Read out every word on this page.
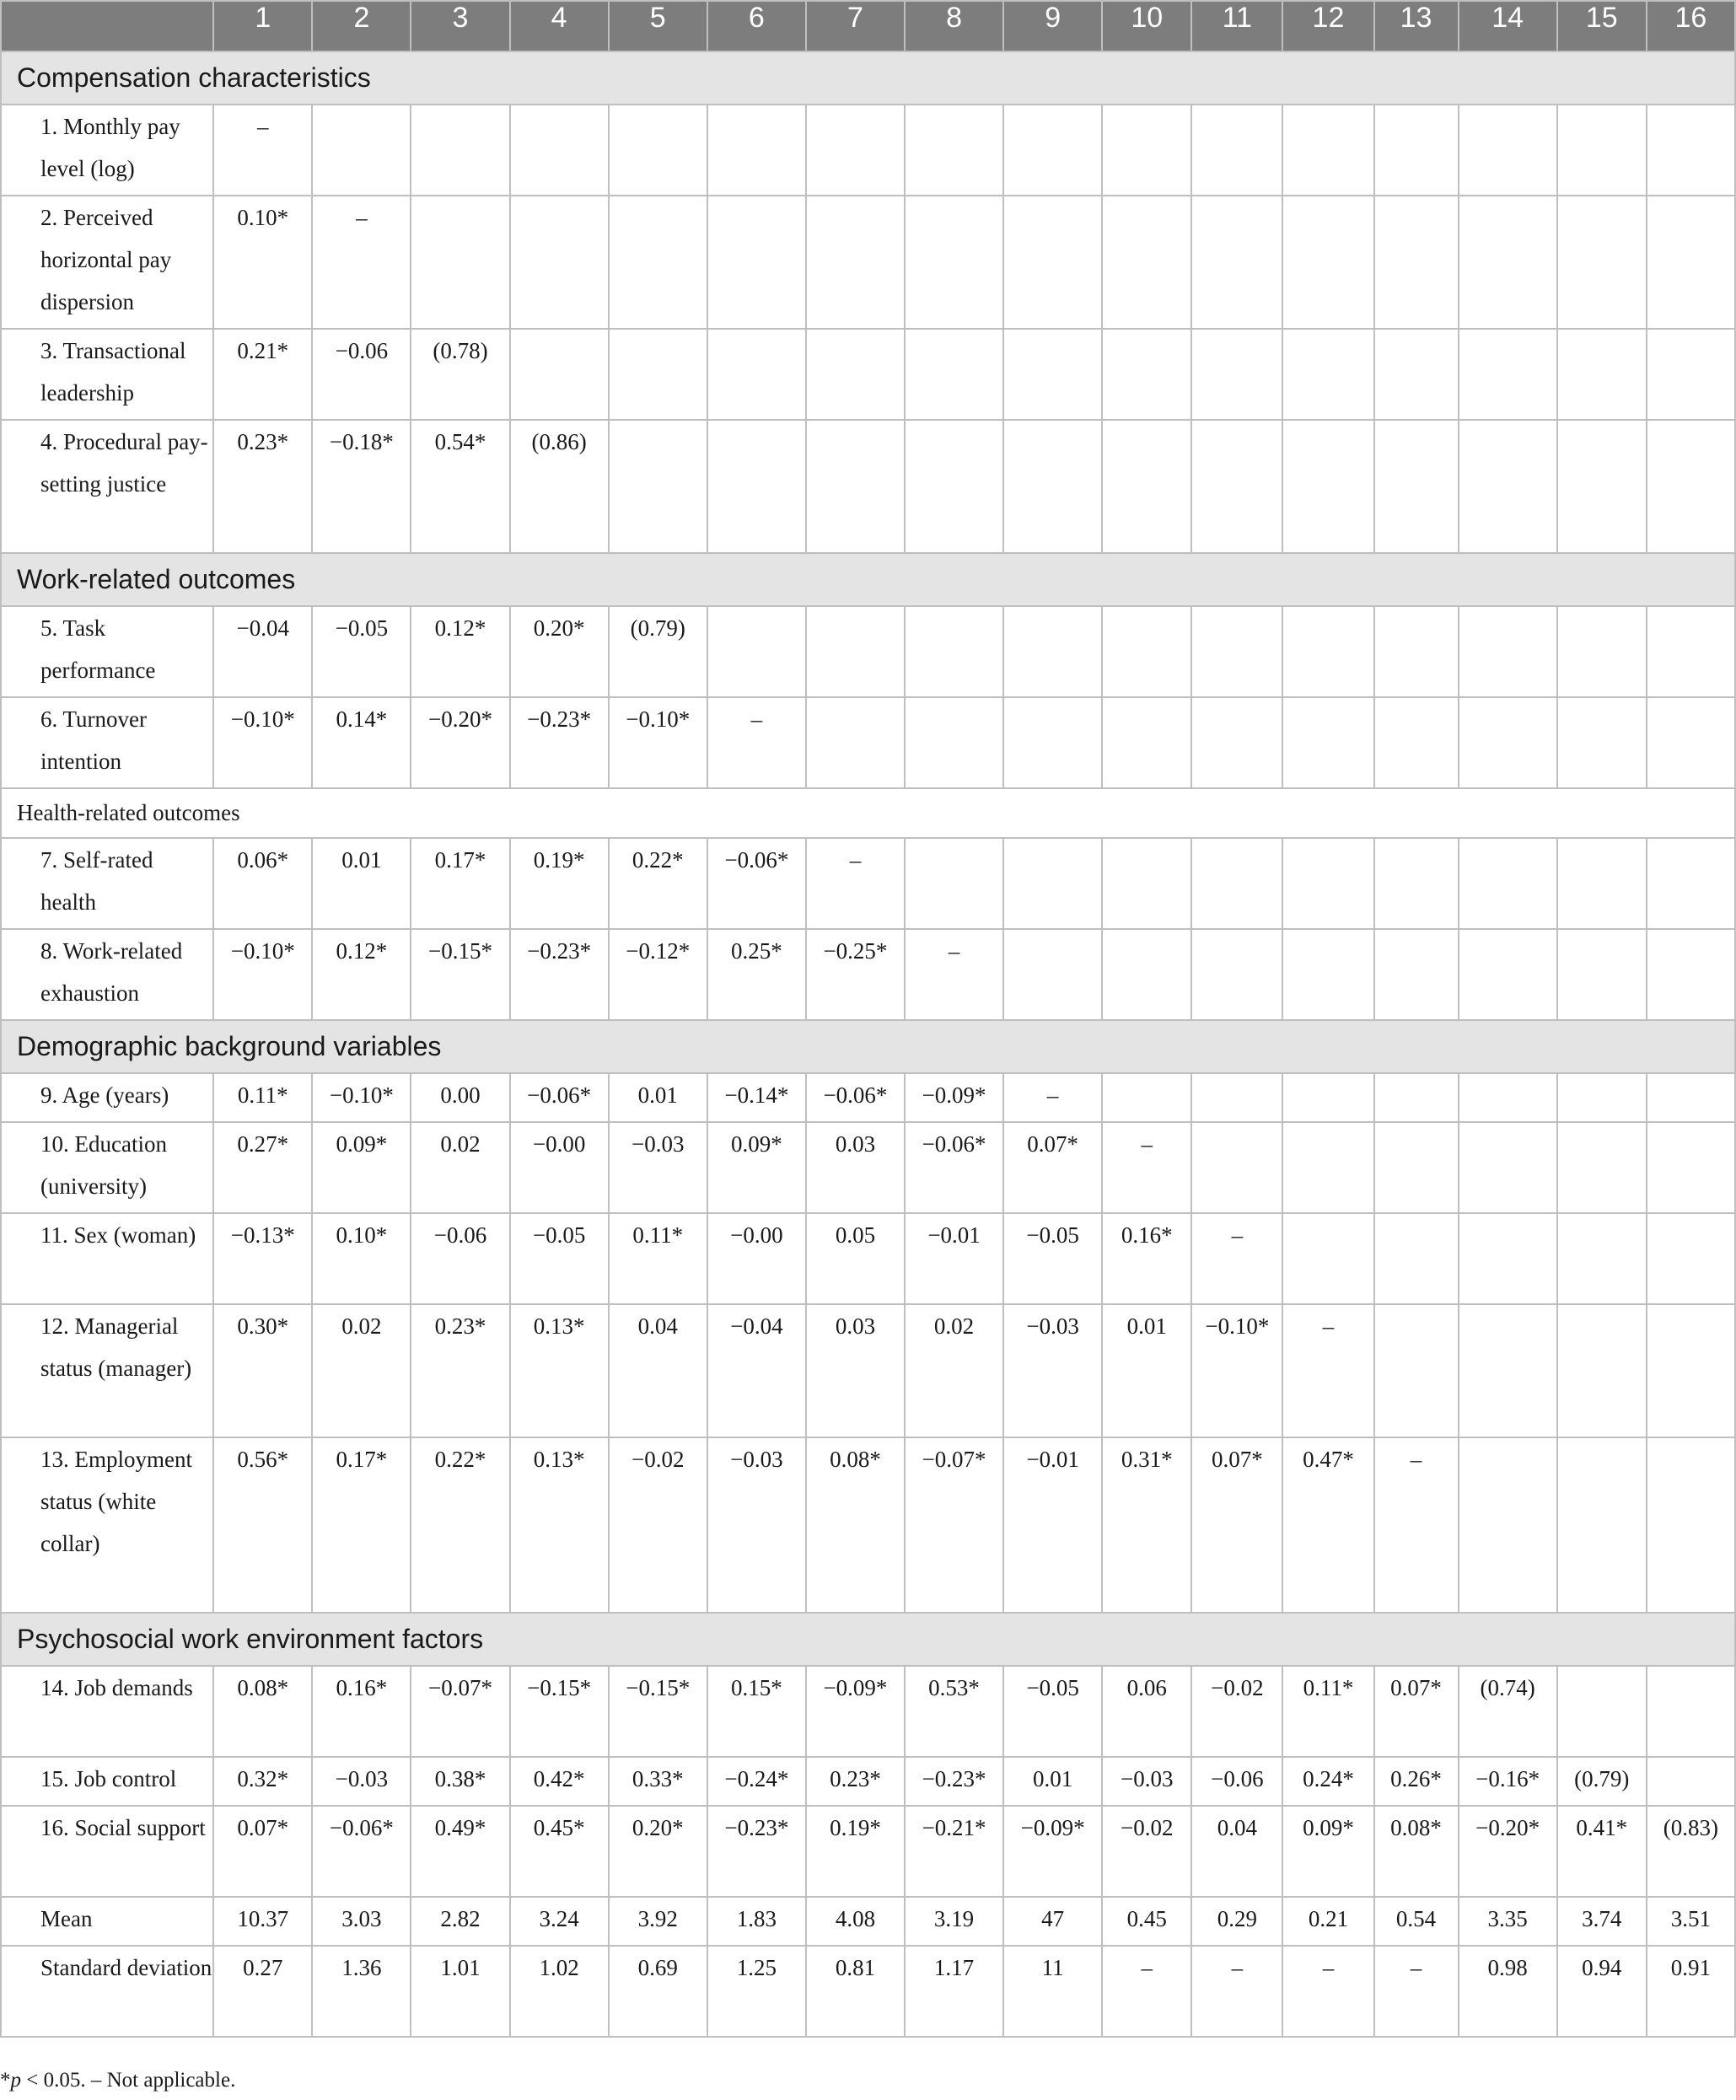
	1	2	3	4	5	6	7	8	9	10	11	12	13	14	15	16
Compensation characteristics																
1. Monthly pay level (log)	–															
2. Perceived horizontal pay dispersion	0.10*	–														
3. Transactional leadership	0.21*	−0.06	(0.78)													
4. Procedural pay-setting justice	0.23*	−0.18*	0.54*	(0.86)												
Work-related outcomes																
5. Task performance	−0.04	−0.05	0.12*	0.20*	(0.79)											
6. Turnover intention	−0.10*	0.14*	−0.20*	−0.23*	−0.10*	–										
Health-related outcomes																
7. Self-rated health	0.06*	0.01	0.17*	0.19*	0.22*	−0.06*	–									
8. Work-related exhaustion	−0.10*	0.12*	−0.15*	−0.23*	−0.12*	0.25*	−0.25*	–								
Demographic background variables																
9. Age (years)	0.11*	−0.10*	0.00	−0.06*	0.01	−0.14*	−0.06*	−0.09*	–							
10. Education (university)	0.27*	0.09*	0.02	−0.00	−0.03	0.09*	0.03	−0.06*	0.07*	–						
11. Sex (woman)	−0.13*	0.10*	−0.06	−0.05	0.11*	−0.00	0.05	−0.01	−0.05	0.16*	–					
12. Managerial status (manager)	0.30*	0.02	0.23*	0.13*	0.04	−0.04	0.03	0.02	−0.03	0.01	−0.10*	–				
13. Employment status (white collar)	0.56*	0.17*	0.22*	0.13*	−0.02	−0.03	0.08*	−0.07*	−0.01	0.31*	0.07*	0.47*	–			
Psychosocial work environment factors																
14. Job demands	0.08*	0.16*	−0.07*	−0.15*	−0.15*	0.15*	−0.09*	0.53*	−0.05	0.06	−0.02	0.11*	0.07*	(0.74)		
15. Job control	0.32*	−0.03	0.38*	0.42*	0.33*	−0.24*	0.23*	−0.23*	0.01	−0.03	−0.06	0.24*	0.26*	−0.16*	(0.79)	
16. Social support	0.07*	−0.06*	0.49*	0.45*	0.20*	−0.23*	0.19*	−0.21*	−0.09*	−0.02	0.04	0.09*	0.08*	−0.20*	0.41*	(0.83)
Mean	10.37	3.03	2.82	3.24	3.92	1.83	4.08	3.19	47	0.45	0.29	0.21	0.54	3.35	3.74	3.51
Standard deviation	0.27	1.36	1.01	1.02	0.69	1.25	0.81	1.17	11	–	–	–	–	0.98	0.94	0.91
*p < 0.05. – Not applicable.
